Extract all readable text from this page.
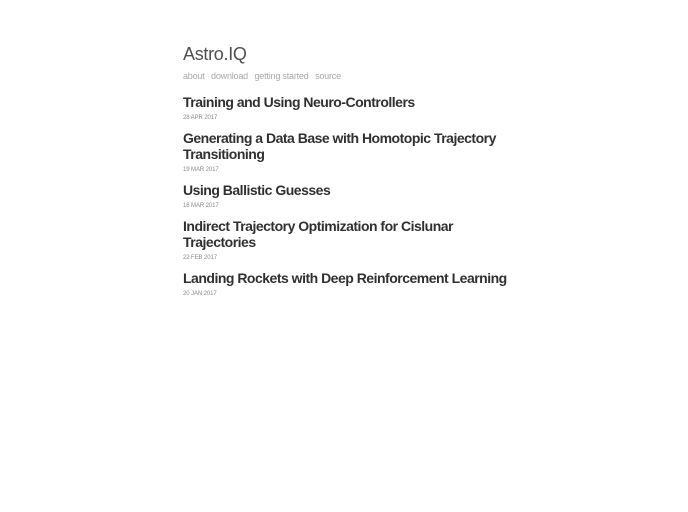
Astro.IQ
about download getting started source
Training and Using Neuro-Controllers
28 APR 2017
Generating a Data Base with Homotopic Trajectory Transitioning
19 MAR 2017
Using Ballistic Guesses
16 MAR 2017
Indirect Trajectory Optimization for Cislunar Trajectories
22 FEB 2017
Landing Rockets with Deep Reinforcement Learning
20 JAN 2017
